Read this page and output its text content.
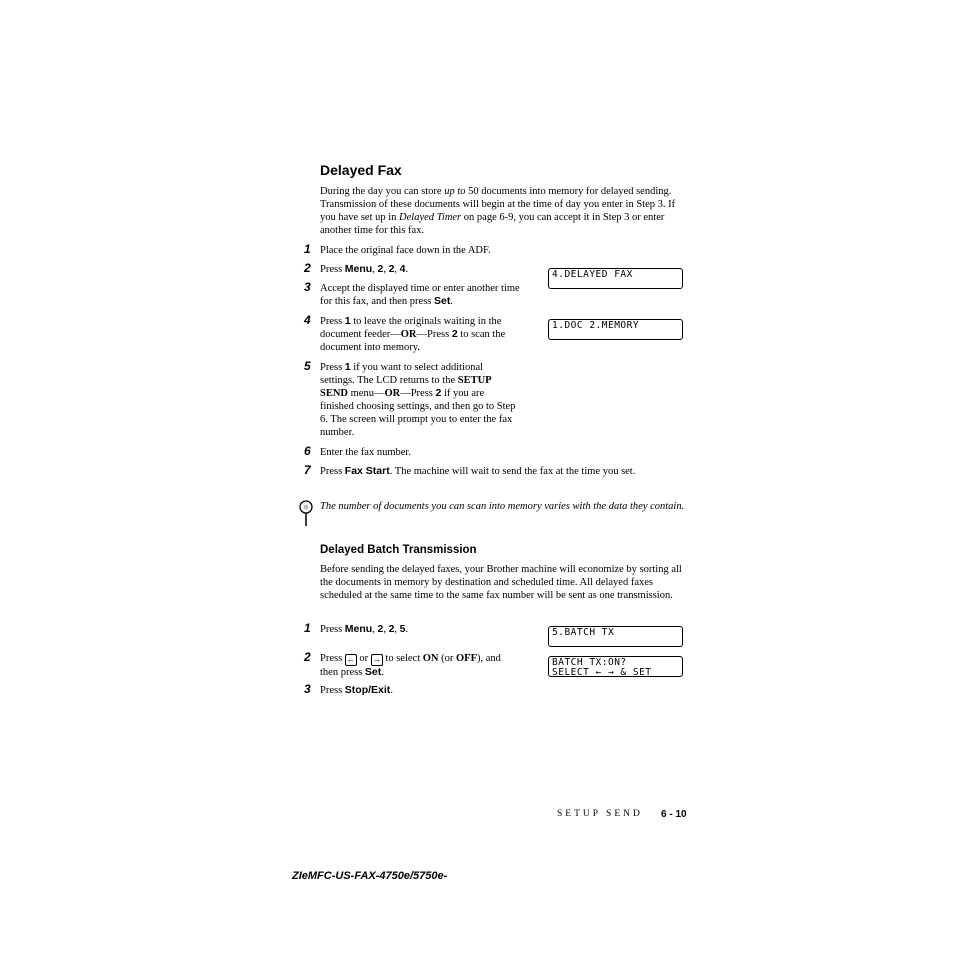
Delayed Fax
During the day you can store up to 50 documents into memory for delayed sending. Transmission of these documents will begin at the time of day you enter in Step 3. If you have set up in Delayed Timer on page 6-9, you can accept it in Step 3 or enter another time for this fax.
1 Place the original face down in the ADF.
2 Press Menu, 2, 2, 4.
3 Accept the displayed time or enter another time for this fax, and then press Set.
4 Press 1 to leave the originals waiting in the document feeder—OR—Press 2 to scan the document into memory.
5 Press 1 if you want to select additional settings. The LCD returns to the SETUP SEND menu—OR—Press 2 if you are finished choosing settings, and then go to Step 6. The screen will prompt you to enter the fax number.
6 Enter the fax number.
7 Press Fax Start. The machine will wait to send the fax at the time you set.
4.DELAYED FAX
1.DOC 2.MEMORY
The number of documents you can scan into memory varies with the data they contain.
Delayed Batch Transmission
Before sending the delayed faxes, your Brother machine will economize by sorting all the documents in memory by destination and scheduled time. All delayed faxes scheduled at the same time to the same fax number will be sent as one transmission.
1 Press Menu, 2, 2, 5.
2 Press ← or → to select ON (or OFF), and then press Set.
3 Press Stop/Exit.
5.BATCH TX
BATCH TX:ON?
SELECT ← → & SET
SETUP SEND 6 - 10
ZIeMFC-US-FAX-4750e/5750e-
